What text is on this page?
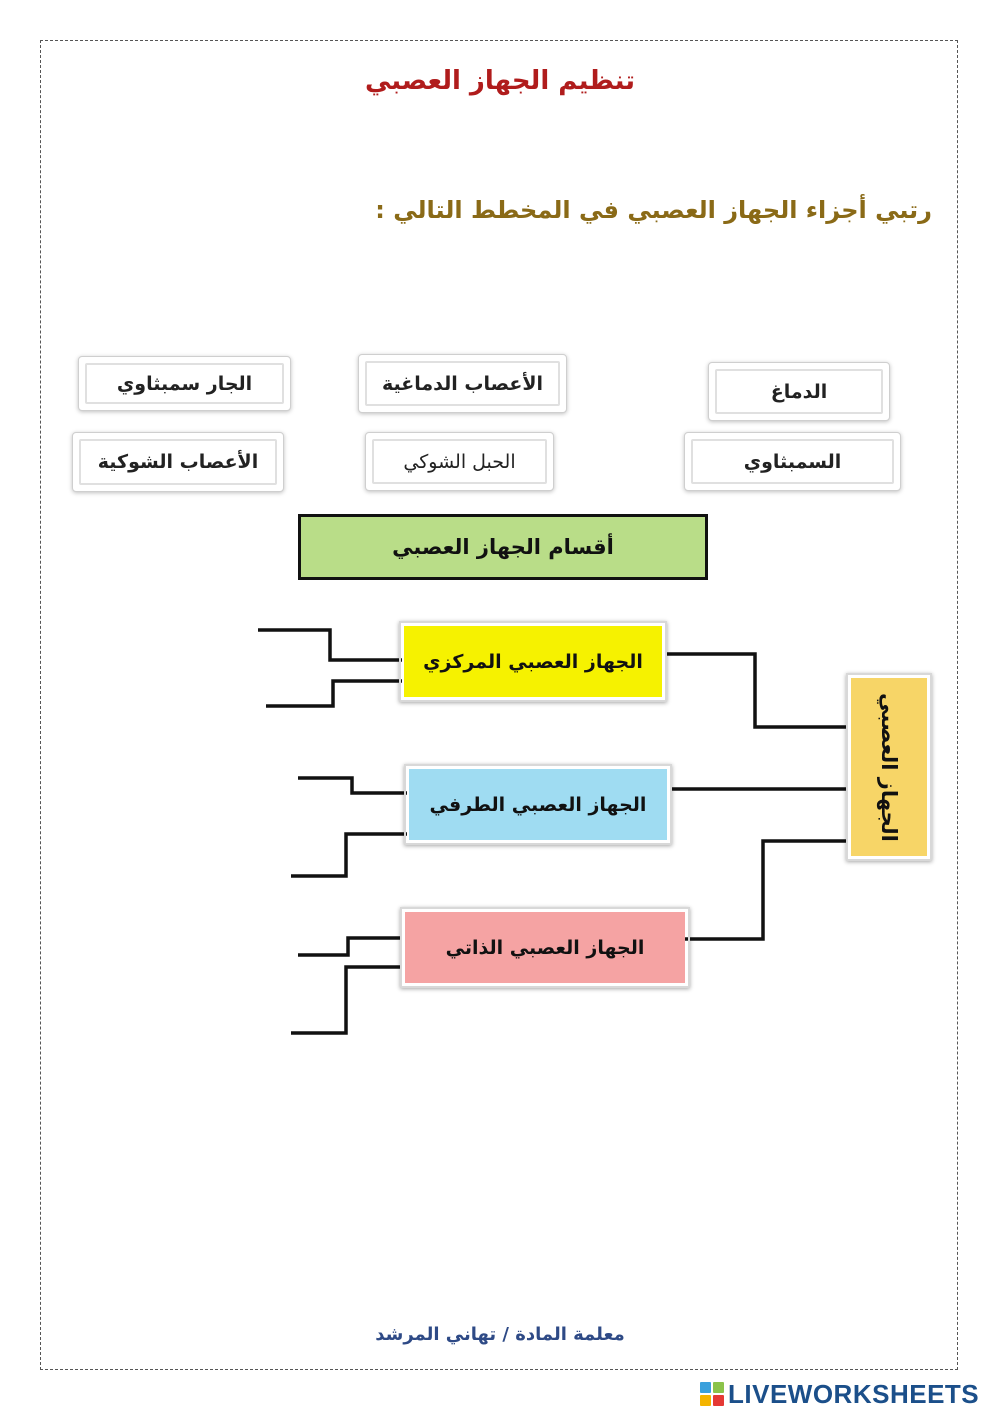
تنظيم الجهاز العصبي
رتبي أجزاء الجهاز العصبي في المخطط التالي :
الجار سمبثاوي	الأعصاب الدماغية	الدماغ
الأعصاب الشوكية	الحبل الشوكي	السمبثاوي
أقسام الجهاز العصبي
الجهاز العصبي المركزي
الجهاز العصبي الطرفي
الجهاز العصبي الذاتي
الجهاز العصبي
معلمة المادة / تهاني المرشد
LIVEWORKSHEETS
